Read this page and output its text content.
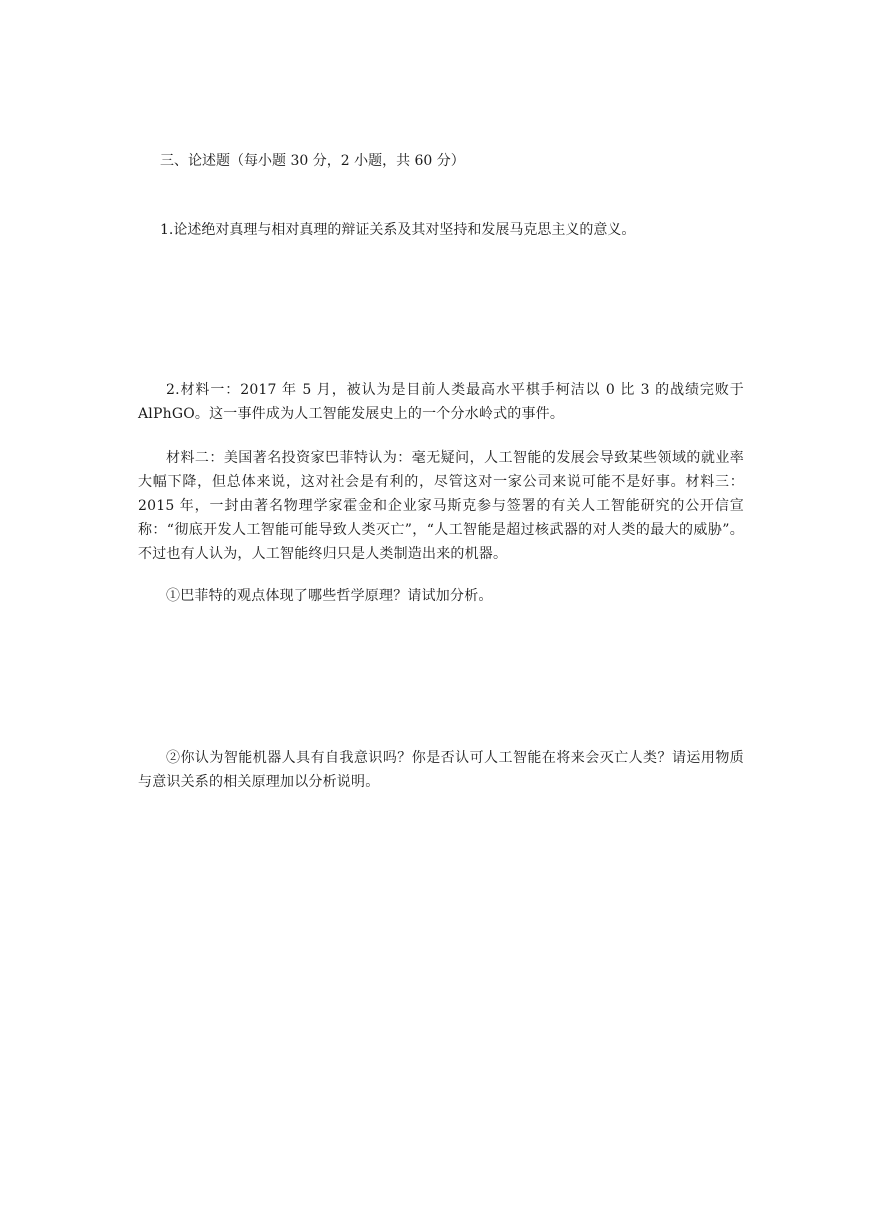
三、论述题（每小题 30 分，2 小题，共 60 分）
1.论述绝对真理与相对真理的辩证关系及其对坚持和发展马克思主义的意义。
2.材料一：2017 年 5 月，被认为是目前人类最高水平棋手柯洁以 0 比 3 的战绩完败于 AlPhGO。这一事件成为人工智能发展史上的一个分水岭式的事件。
材料二：美国著名投资家巴菲特认为：毫无疑问，人工智能的发展会导致某些领域的就业率大幅下降，但总体来说，这对社会是有利的，尽管这对一家公司来说可能不是好事。材料三：2015 年，一封由著名物理学家霍金和企业家马斯克参与签署的有关人工智能研究的公开信宣称：“彻底开发人工智能可能导致人类灭亡”，“人工智能是超过核武器的对人类的最大的威胁”。不过也有人认为，人工智能终归只是人类制造出来的机器。
①巴菲特的观点体现了哪些哲学原理？请试加分析。
②你认为智能机器人具有自我意识吗？你是否认可人工智能在将来会灭亡人类？请运用物质与意识关系的相关原理加以分析说明。
